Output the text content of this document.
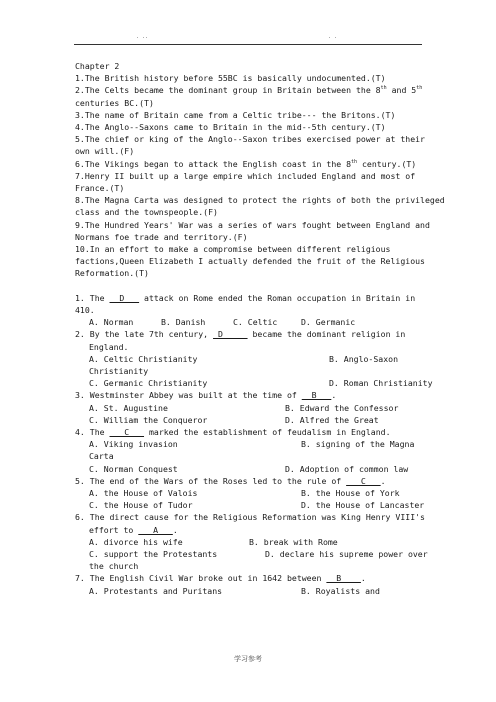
. ..	. .

Chapter 2

1.The British history before 55BC is basically undocumented.(T)

2.The Celts became the dominant group in Britain between the 8th and 5th

centuries BC.(T)

3.The name of Britain came from a Celtic tribe--- the Britons.(T)

4.The Anglo--Saxons came to Britain in the mid--5th century.(T)

5.The chief or king of the Anglo--Saxon tribes exercised power at their

own will.(F)

6.The Vikings began to attack the English coast in the 8th century.(T)

7.Henry II built up a large empire which included England and most of

France.(T)

8.The Magna Carta was designed to protect the rights of both the privileged

class and the townspeople.(F)

9.The Hundred Years' War was a series of wars fought between England and

Normans foe trade and territory.(F)

10.In an effort to make a compromise between different religious

factions,Queen Elizabeth I actually defended the fruit of the Religious

Reformation.(T)

1. The   D    attack on Rome ended the Roman occupation in Britain in

410.

A. Norman	B. Danish	C. Celtic	D. Germanic

2. By the late 7th century,  D      became the dominant religion in

England.

A. Celtic Christianity	B. Anglo-Saxon

Christianity

C. Germanic Christianity	D. Roman Christianity

3. Westminster Abbey was built at the time of   B   .

A. St. Augustine	B. Edward the Confessor
C. William the Conqueror	D. Alfred the Great

4. The    C    marked the establishment of feudalism in England.

A. Viking invasion	B. signing of the Magna

Carta

C. Norman Conquest	D. Adoption of common law

5. The end of the Wars of the Roses led to the rule of    C   .

A. the House of Valois	B. the House of York
C. the House of Tudor	D. the House of Lancaster

6. The direct cause for the Religious Reformation was King Henry VIII's

effort to    A   .

A. divorce his wife	B. break with Rome
C. support the Protestants	D. declare his supreme power over

the church

7. The English Civil War broke out in 1642 between   B    .

A. Protestants and Puritans	B. Royalists and
学习参考
